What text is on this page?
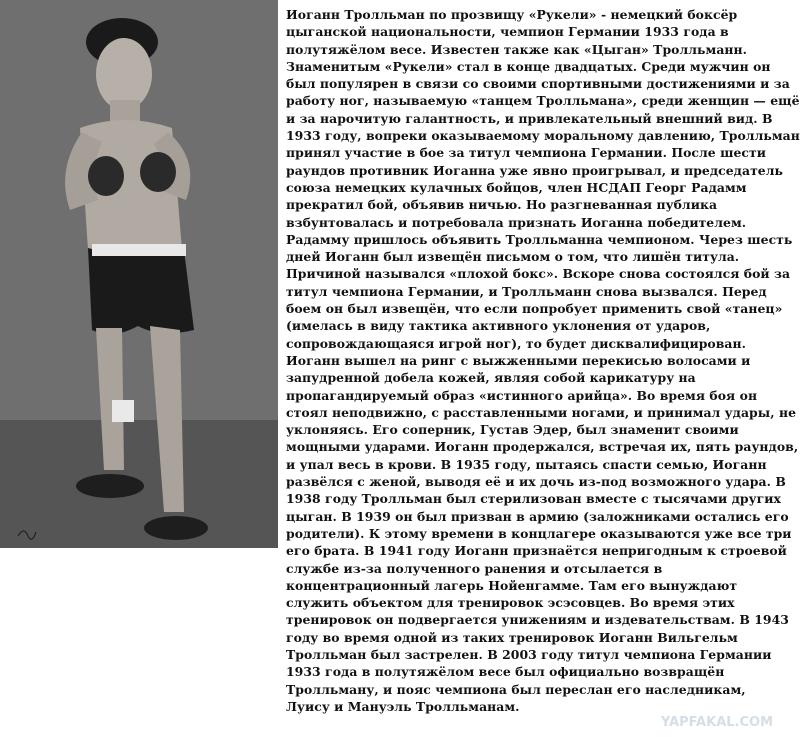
Иоганн Тролльман по прозвищу «Рукели» - немецкий боксёр
цыганской национальности, чемпион Германии 1933 года в
полутяжёлом весе. Известен также как «Цыган» Тролльманн.
Знаменитым «Рукели» стал в конце двадцатых. Среди мужчин он
был популярен в связи со своими спортивными достижениями и за
работу ног, называемую «танцем Тролльмана», среди женщин — ещё
и за нарочитую галантность, и привлекательный внешний вид. В
1933 году, вопреки оказываемому моральному давлению, Тролльман
принял участие в бое за титул чемпиона Германии. После шести
раундов противник Иоганна уже явно проигрывал, и председатель
союза немецких кулачных бойцов, член НСДАП Георг Радамм
прекратил бой, объявив ничью. Но разгневанная публика
взбунтовалась и потребовала признать Иоганна победителем.
Радамму пришлось объявить Тролльманна чемпионом. Через шесть
дней Иоганн был извещён письмом о том, что лишён титула.
Причиной назывался «плохой бокс». Вскоре снова состоялся бой за
титул чемпиона Германии, и Тролльманн снова вызвался. Перед
боем он был извещён, что если попробует применить свой «танец»
(имелась в виду тактика активного уклонения от ударов,
сопровождающаяся игрой ног), то будет дисквалифицирован.
Иоганн вышел на ринг с выжженными перекисью волосами и
запудренной добела кожей, являя собой карикатуру на
пропагандируемый образ «истинного арийца». Во время боя он
стоял неподвижно, с расставленными ногами, и принимал удары, не
уклоняясь. Его соперник, Густав Эдер, был знаменит своими
мощными ударами. Иоганн продержался, встречая их, пять раундов,
и упал весь в крови. В 1935 году, пытаясь спасти семью, Иоганн
развёлся с женой, выводя её и их дочь из-под возможного удара. В
1938 году Тролльман был стерилизован вместе с тысячами других
цыган. В 1939 он был призван в армию (заложниками остались его
родители). К этому времени в концлагере оказываются уже все три
его брата. В 1941 году Иоганн признаётся непригодным к строевой
службе из-за полученного ранения и отсылается в
концентрационный лагерь Нойенгамме. Там его вынуждают
служить объектом для тренировок эсэсовцев. Во время этих
тренировок он подвергается унижениям и издевательствам. В 1943
году во время одной из таких тренировок Иоганн Вильгельм
Тролльман был застрелен. В 2003 году титул чемпиона Германии
1933 года в полутяжёлом весе был официально возвращён
Тролльману, и пояс чемпиона был переслан его наследникам,
Луису и Мануэль Тролльманам.
YAPFAKAL.COM
